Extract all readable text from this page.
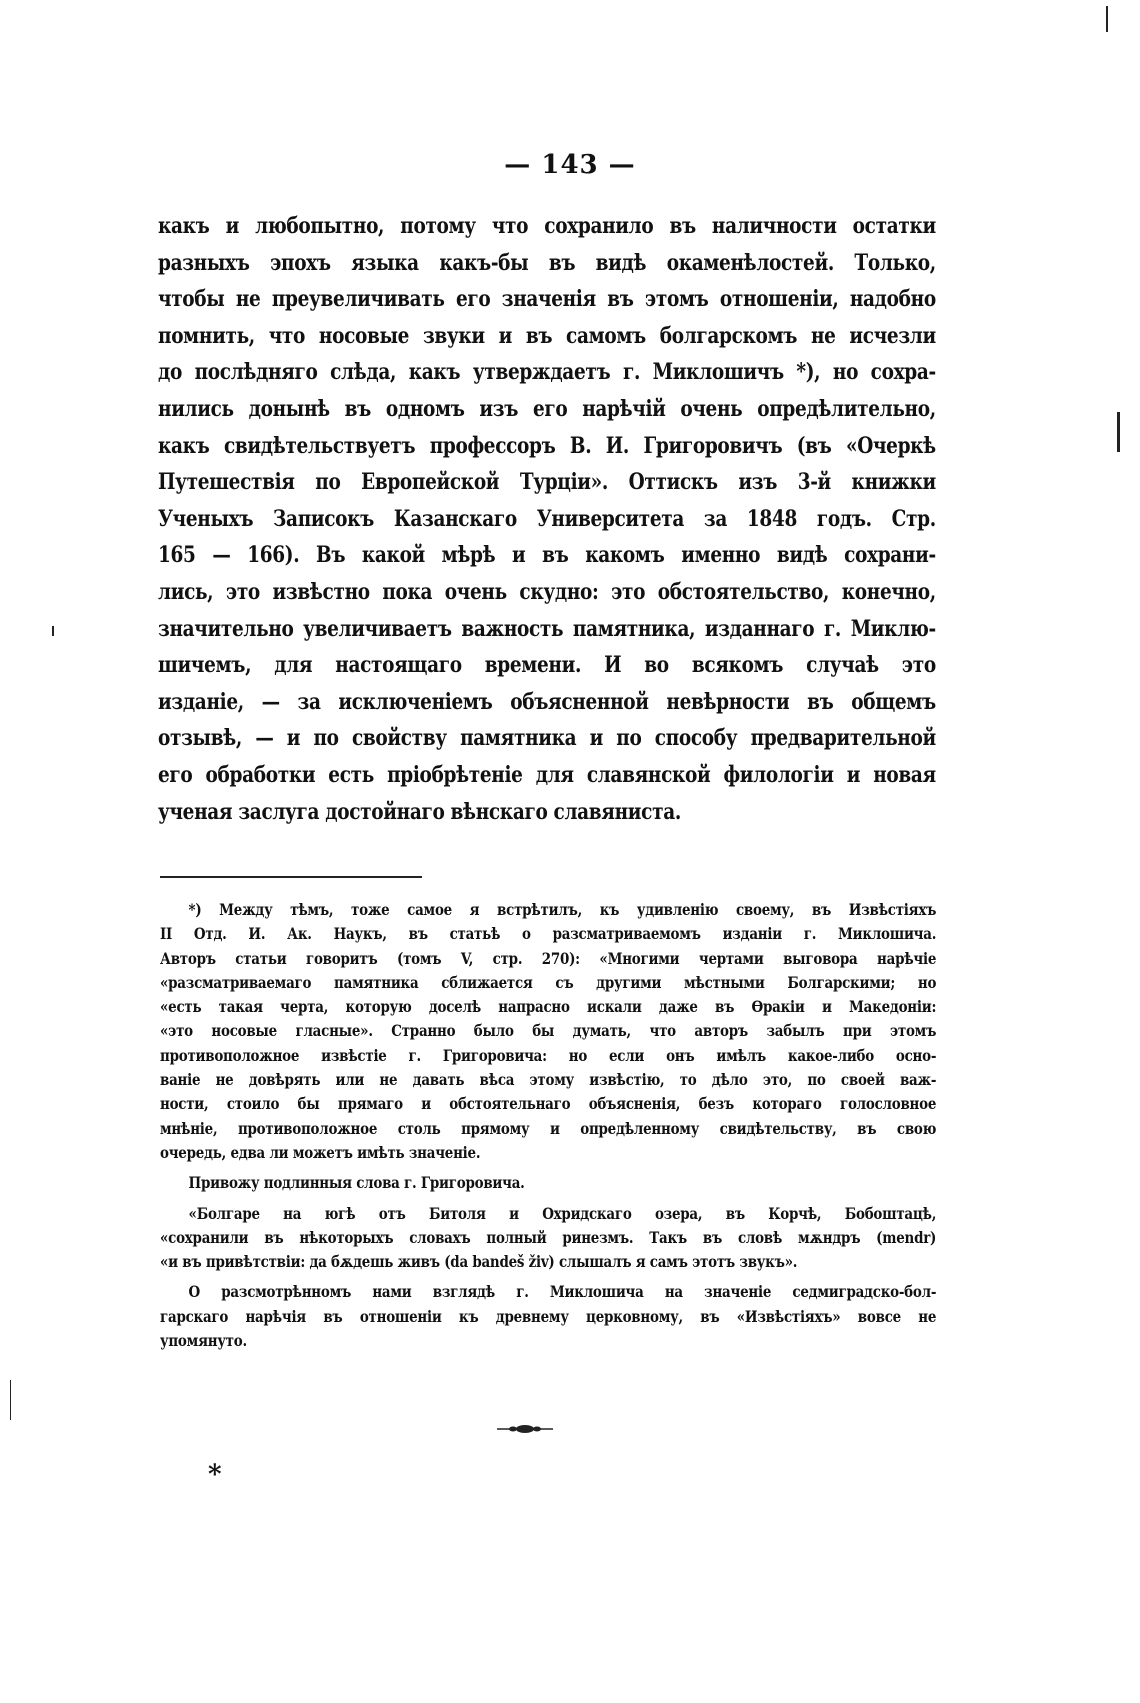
— 143 —
какъ и любопытно, потому что сохранило въ наличности остатки
разныхъ эпохъ языка какъ-бы въ видѣ окаменѣлостей. Только,
чтобы не преувеличивать его значенія въ этомъ отношеніи, надобно
помнить, что носовые звуки и въ самомъ болгарскомъ не исчезли
до послѣдняго слѣда, какъ утверждаетъ г. Миклошичъ *), но сохра-
нились донынѣ въ одномъ изъ его нарѣчій очень опредѣлительно,
какъ свидѣтельствуетъ профессоръ В. И. Григоровичъ (въ «Очеркѣ
Путешествія по Европейской Турціи». Оттискъ изъ 3-й книжки
Ученыхъ Записокъ Казанскаго Университета за 1848 годъ. Стр.
165 — 166). Въ какой мѣрѣ и въ какомъ именно видѣ сохрани-
лись, это извѣстно пока очень скудно: это обстоятельство, конечно,
значительно увеличиваетъ важность памятника, изданнаго г. Миклю-
шичемъ, для настоящаго времени. И во всякомъ случаѣ это
изданіе, — за исключеніемъ объясненной невѣрности въ общемъ
отзывѣ, — и по свойству памятника и по способу предварительной
его обработки есть пріобрѣтеніе для славянской филологіи и новая
ученая заслуга достойнаго вѣнскаго славяниста.
*) Между тѣмъ, тоже самое я встрѣтилъ, къ удивленію своему, въ Извѣстіяхъ
II Отд. И. Ак. Наукъ, въ статьѣ о разсматриваемомъ изданіи г. Миклошича.
Авторъ статьи говоритъ (томъ V, стр. 270): «Многими чертами выговора нарѣчіе
«разсматриваемаго памятника сближается съ другими мѣстными Болгарскими; но
«есть такая черта, которую доселѣ напрасно искали даже въ Ѳракіи и Македоніи:
«это носовые гласные». Странно было бы думать, что авторъ забылъ при этомъ
противоположное извѣстіе г. Григоровича: но если онъ имѣлъ какое-либо осно-
ваніе не довѣрять или не давать вѣса этому извѣстію, то дѣло это, по своей важ-
ности, стоило бы прямаго и обстоятельнаго объясненія, безъ котораго голословное
мнѣніе, противоположное столь прямому и опредѣленному свидѣтельству, въ свою
очередь, едва ли можетъ имѣть значеніе.
Привожу подлинныя слова г. Григоровича.
«Болгаре на югѣ отъ Битоля и Охридскаго озера, въ Корчѣ, Бобоштацѣ,
«сохранили въ нѣкоторыхъ словахъ полный ринезмъ. Такъ въ словѣ мѫндръ (mendr)
«и въ привѣтствіи: да бѫдешь живъ (da bandeš živ) слышалъ я самъ этотъ звукъ».
О разсмотрѣнномъ нами взглядѣ г. Миклошича на значеніе седмиградско-бол-
гарскаго нарѣчія въ отношеніи къ древнему церковному, въ «Извѣстіяхъ» вовсе не
упомянуто.
*
